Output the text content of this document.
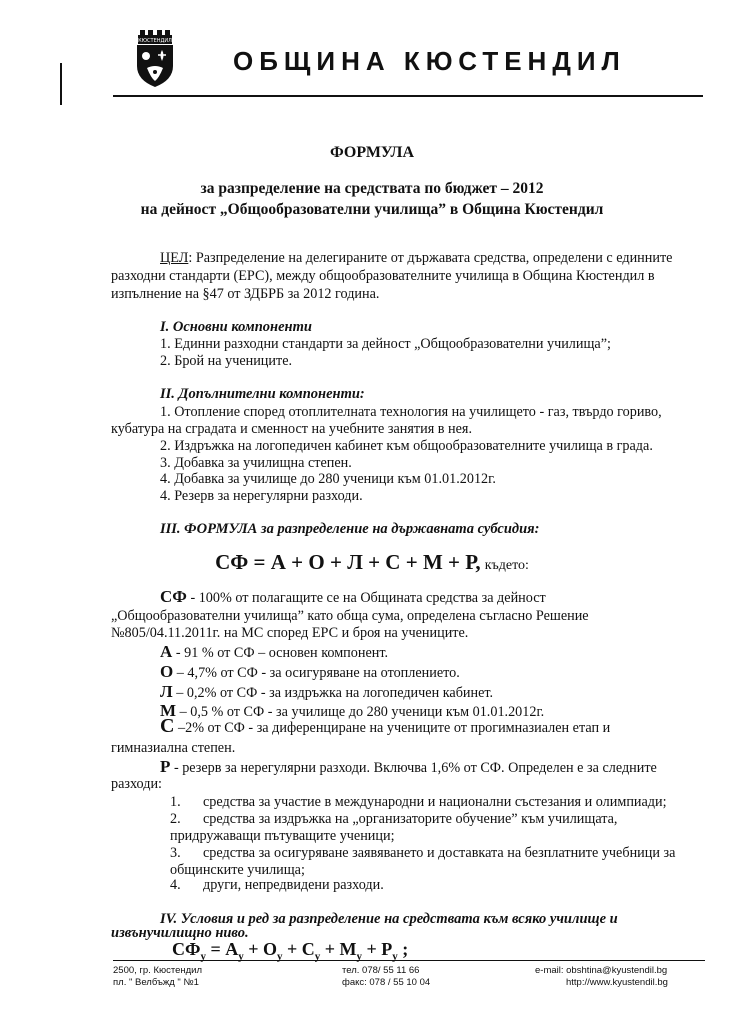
КЮСТЕНДИЛ
ОБЩИНА КЮСТЕНДИЛ
ФОРМУЛА
за разпределение на средствата по бюджет – 2012
на дейност „Общообразователни училища” в Община Кюстендил
ЦЕЛ: Разпределение на делегираните от държавата средства, определени с единните
разходни стандарти (ЕРС), между общообразователните училища в Община Кюстендил в
изпълнение на §47 от ЗДБРБ за 2012 година.
І. Основни компоненти
1. Единни разходни стандарти за дейност „Общообразователни училища”;
2. Брой на учениците.
ІІ. Допълнителни компоненти:
1. Отопление според отоплителната технология на училището - газ, твърдо гориво,
кубатура на сградата и сменност на учебните занятия в нея.
2. Издръжка на логопедичен кабинет към общообразователните училища в града.
3. Добавка за училищна степен.
4. Добавка за училище до 280 ученици към 01.01.2012г.
4. Резерв за нерегулярни разходи.
ІІІ. ФОРМУЛА за разпределение на държавната субсидия:
СФ = А + О + Л + С + М + Р, където:
СФ - 100% от полагащите се на Общината средства за дейност
„Общообразователни училища” като обща сума, определена съгласно Решение
№805/04.11.2011г. на МС според ЕРС и броя на учениците.
А - 91 % от СФ – основен компонент.
О – 4,7% от СФ - за осигуряване на отоплението.
Л – 0,2% от СФ - за издръжка на логопедичен кабинет.
М – 0,5 % от СФ - за училище до 280 ученици към 01.01.2012г.
С –2% от СФ - за диференциране на учениците от прогимназиален етап и
гимназиална степен.
Р - резерв за нерегулярни разходи. Включва 1,6% от СФ. Определен е за следните
разходи:
1. средства за участие в международни и национални състезания и олимпиади;
2. средства за издръжка на „организаторите обучение” към училищата,
придружаващи пътуващите ученици;
3. средства за осигуряване заявяването и доставката на безплатните учебници за
общинските училища;
4. други, непредвидени разходи.
ІV. Условия и ред за разпределение на средствата към всяко училище и
извънучилищно ниво.
$СФ_у = А_у + О_у + С_у + М_у + Р_у$ ;
2500, гр. Кюстендил
пл. " Велбъжд " №1
тел. 078/ 55 11 66
факс: 078 / 55 10 04
e-mail: obshtina@kyustendil.bg
http://www.kyustendil.bg
